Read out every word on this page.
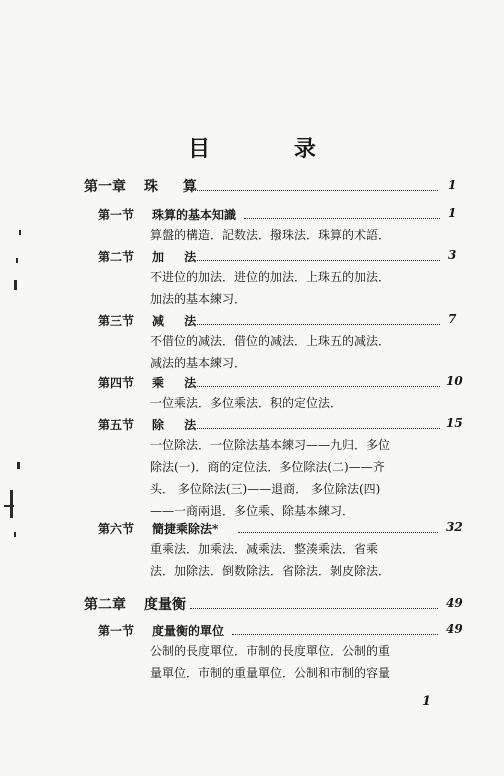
目 录
第一章 珠 算	1
第一节 珠算的基本知識	1
算盤的構造．記数法．撥珠法．珠算的术語．
第二节 加 法	3
不进位的加法．进位的加法．上珠五的加法．
加法的基本練习．
第三节 减 法	7
不借位的减法．借位的减法．上珠五的减法．
减法的基本練习．
第四节 乘 法	10
一位乘法．多位乘法．积的定位法．
第五节 除 法	15
一位除法．一位除法基本練习——九归．多位
除法(一)．商的定位法．多位除法(二)——齐
头． 多位除法(三)——退商． 多位除法(四)
——一商兩退．多位乘、除基本練习．
第六节 簡捷乘除法*	32
重乘法．加乘法．减乘法．整湊乘法．省乘
法．加除法．倒数除法．省除法．剝皮除法．
第二章 度量衡	49
第一节 度量衡的單位	49
公制的長度單位．市制的長度單位．公制的重
量單位．市制的重量單位．公制和市制的容量
1
